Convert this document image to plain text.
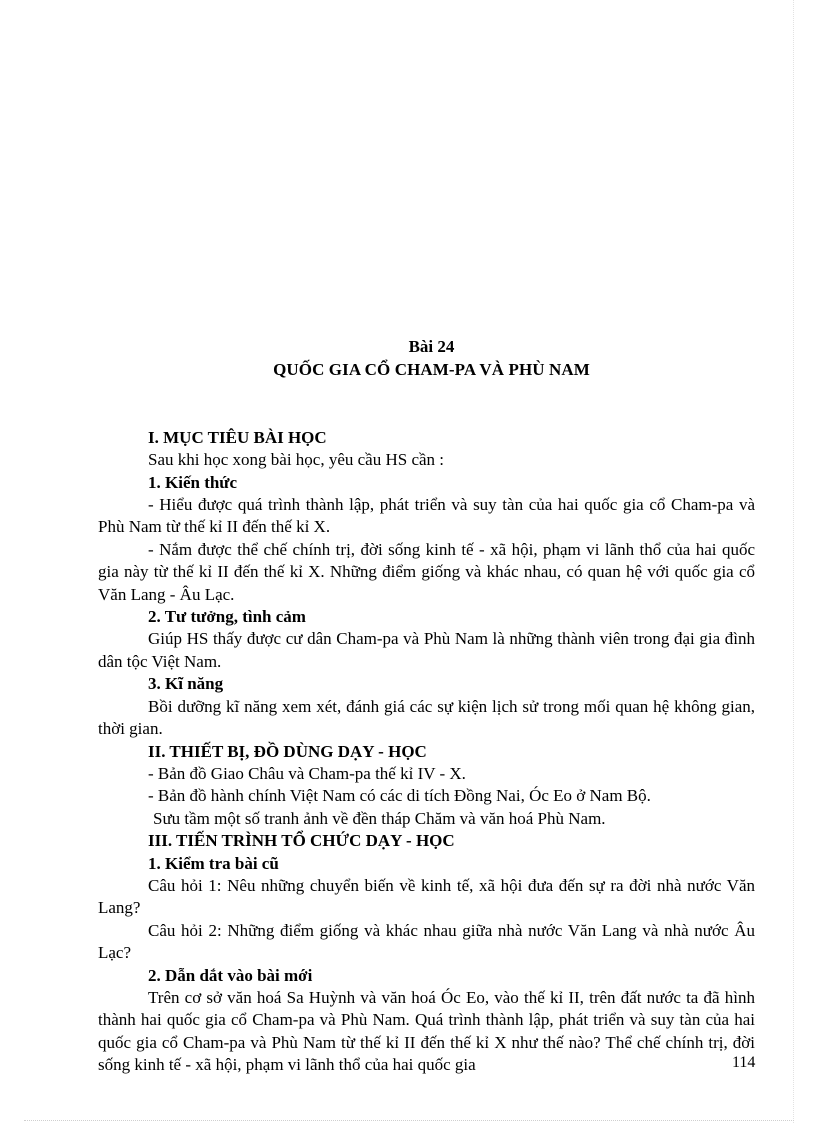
Bài 24
QUỐC GIA CỔ CHAM-PA VÀ PHÙ NAM
I. MỤC TIÊU BÀI HỌC

Sau khi học xong bài học, yêu cầu HS cần :

1. Kiến thức

- Hiểu được quá trình thành lập, phát triển và suy tàn của hai quốc gia cổ Cham-pa và Phù Nam từ thế kỉ II đến thế kỉ X.

- Nắm được thể chế chính trị, đời sống kinh tế - xã hội, phạm vi lãnh thổ của hai quốc gia này từ thế kỉ II đến thế kỉ X. Những điểm giống và khác nhau, có quan hệ với quốc gia cổ Văn Lang - Âu Lạc.

2. Tư tưởng, tình cảm

Giúp HS thấy được cư dân Cham-pa và Phù Nam là những thành viên trong đại gia đình dân tộc Việt Nam.

3. Kĩ năng

Bồi dưỡng kĩ năng xem xét, đánh giá các sự kiện lịch sử trong mối quan hệ không gian, thời gian.

II. THIẾT BỊ, ĐỒ DÙNG DẠY - HỌC

- Bản đồ Giao Châu và Cham-pa thế kỉ IV - X.

- Bản đồ hành chính Việt Nam có các di tích Đồng Nai, Óc Eo ở Nam Bộ.

Sưu tầm một số tranh ảnh về đền tháp Chăm và văn hoá Phù Nam.

III. TIẾN TRÌNH TỔ CHỨC DẠY - HỌC
1. Kiểm tra bài cũ

Câu hỏi 1: Nêu những chuyển biến về kinh tế, xã hội đưa đến sự ra đời nhà nước Văn Lang?

Câu hỏi 2: Những điểm giống và khác nhau giữa nhà nước Văn Lang và nhà nước Âu Lạc?

2. Dẫn dắt vào bài mới

Trên cơ sở văn hoá Sa Huỳnh và văn hoá Óc Eo, vào thế kỉ II, trên đất nước ta đã hình thành hai quốc gia cổ Cham-pa và Phù Nam. Quá trình thành lập, phát triển và suy tàn của hai quốc gia cổ Cham-pa và Phù Nam từ thế kỉ II đến thế kỉ X như thế nào? Thể chế chính trị, đời sống kinh tế - xã hội, phạm vi lãnh thổ của hai quốc gia	114
